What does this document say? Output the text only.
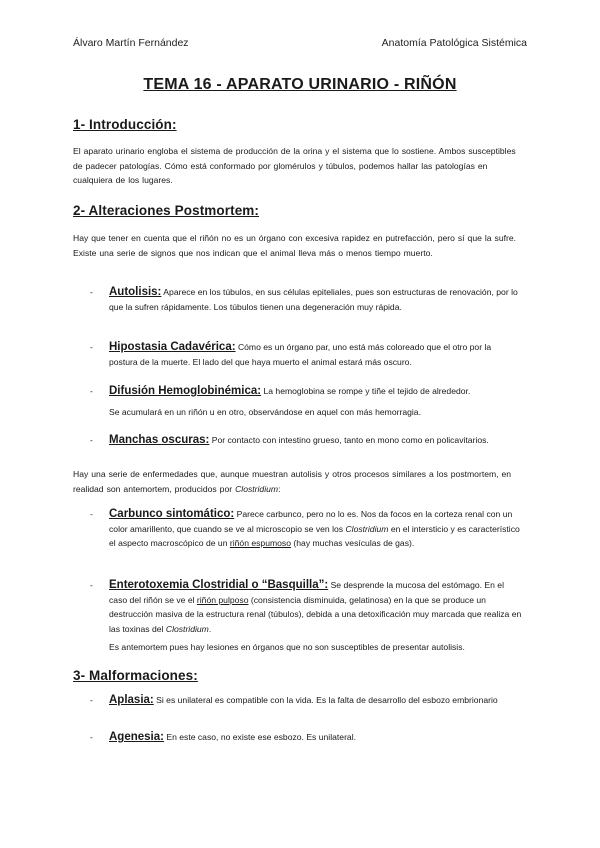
Álvaro Martín Fernández	Anatomía Patológica Sistémica
TEMA 16 - APARATO URINARIO - RIÑÓN
1- Introducción:
El aparato urinario engloba el sistema de producción de la orina y el sistema que lo sostiene. Ambos susceptibles de padecer patologías. Cómo está conformado por glomérulos y túbulos, podemos hallar las patologías en cualquiera de los lugares.
2- Alteraciones Postmortem:
Hay que tener en cuenta que el riñón no es un órgano con excesiva rapidez en putrefacción, pero sí que la sufre. Existe una serie de signos que nos indican que el animal lleva más o menos tiempo muerto.
- Autolisis: Aparece en los túbulos, en sus células epiteliales, pues son estructuras de renovación, por lo que la sufren rápidamente. Los túbulos tienen una degeneración muy rápida.
- Hipostasia Cadavérica: Cómo es un órgano par, uno está más coloreado que el otro por la postura de la muerte. El lado del que haya muerto el animal estará más oscuro.
- Difusión Hemoglobinémica: La hemoglobina se rompe y tiñe el tejido de alrededor.
Se acumulará en un riñón u en otro, observándose en aquel con más hemorragia.
- Manchas oscuras: Por contacto con intestino grueso, tanto en mono como en policavitarios.
Hay una serie de enfermedades que, aunque muestran autolisis y otros procesos similares a los postmortem, en realidad son antemortem, producidos por Clostridium:
- Carbunco sintomático: Parece carbunco, pero no lo es. Nos da focos en la corteza renal con un color amarillento, que cuando se ve al microscopio se ven los Clostridium en el intersticio y es característico el aspecto macroscópico de un riñón espumoso (hay muchas vesículas de gas).
- Enterotoxemia Clostridial o “Basquilla”: Se desprende la mucosa del estómago. En el caso del riñón se ve el riñón pulposo (consistencia disminuida, gelatinosa) en la que se produce un destrucción masiva de la estructura renal (túbulos), debida a una detoxificación muy marcada que realiza en las toxinas del Clostridium.
Es antemortem pues hay lesiones en órganos que no son susceptibles de presentar autolisis.
3- Malformaciones:
- Aplasia: Si es unilateral es compatible con la vida. Es la falta de desarrollo del esbozo embrionario
- Agenesia: En este caso, no existe ese esbozo. Es unilateral.
